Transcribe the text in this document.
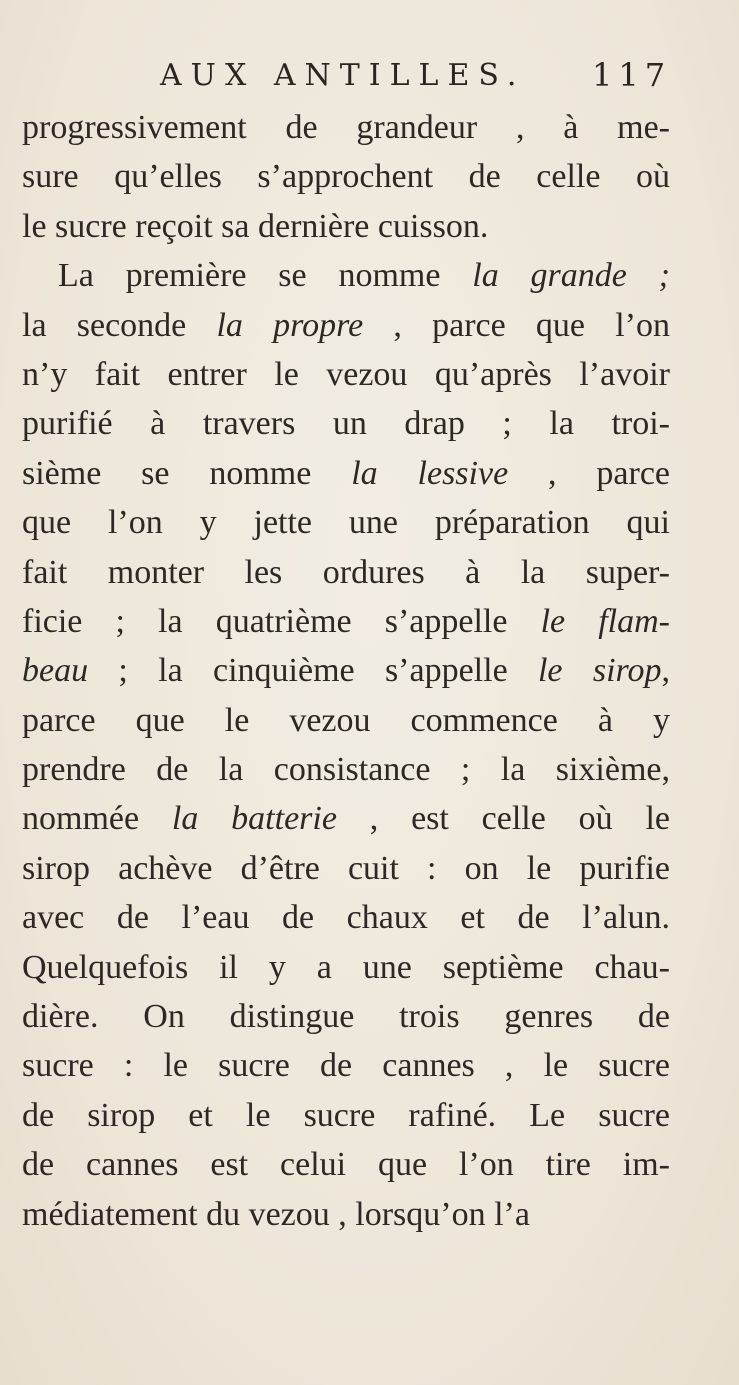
AUX ANTILLES. 117
progressivement de grandeur , à me-
sure qu’elles s’approchent de celle où
le sucre reçoit sa dernière cuisson.
La première se nomme la grande ;
la seconde la propre , parce que l’on
n’y fait entrer le vezou qu’après l’avoir
purifié à travers un drap ; la troi-
sième se nomme la lessive , parce
que l’on y jette une préparation qui
fait monter les ordures à la super-
ficie ; la quatrième s’appelle le flam-
beau ; la cinquième s’appelle le sirop,
parce que le vezou commence à y
prendre de la consistance ; la sixième,
nommée la batterie , est celle où le
sirop achève d’être cuit : on le purifie
avec de l’eau de chaux et de l’alun.
Quelquefois il y a une septième chau-
dière. On distingue trois genres de
sucre : le sucre de cannes , le sucre
de sirop et le sucre rafiné. Le sucre
de cannes est celui que l’on tire im-
médiatement du vezou , lorsqu’on l’a
